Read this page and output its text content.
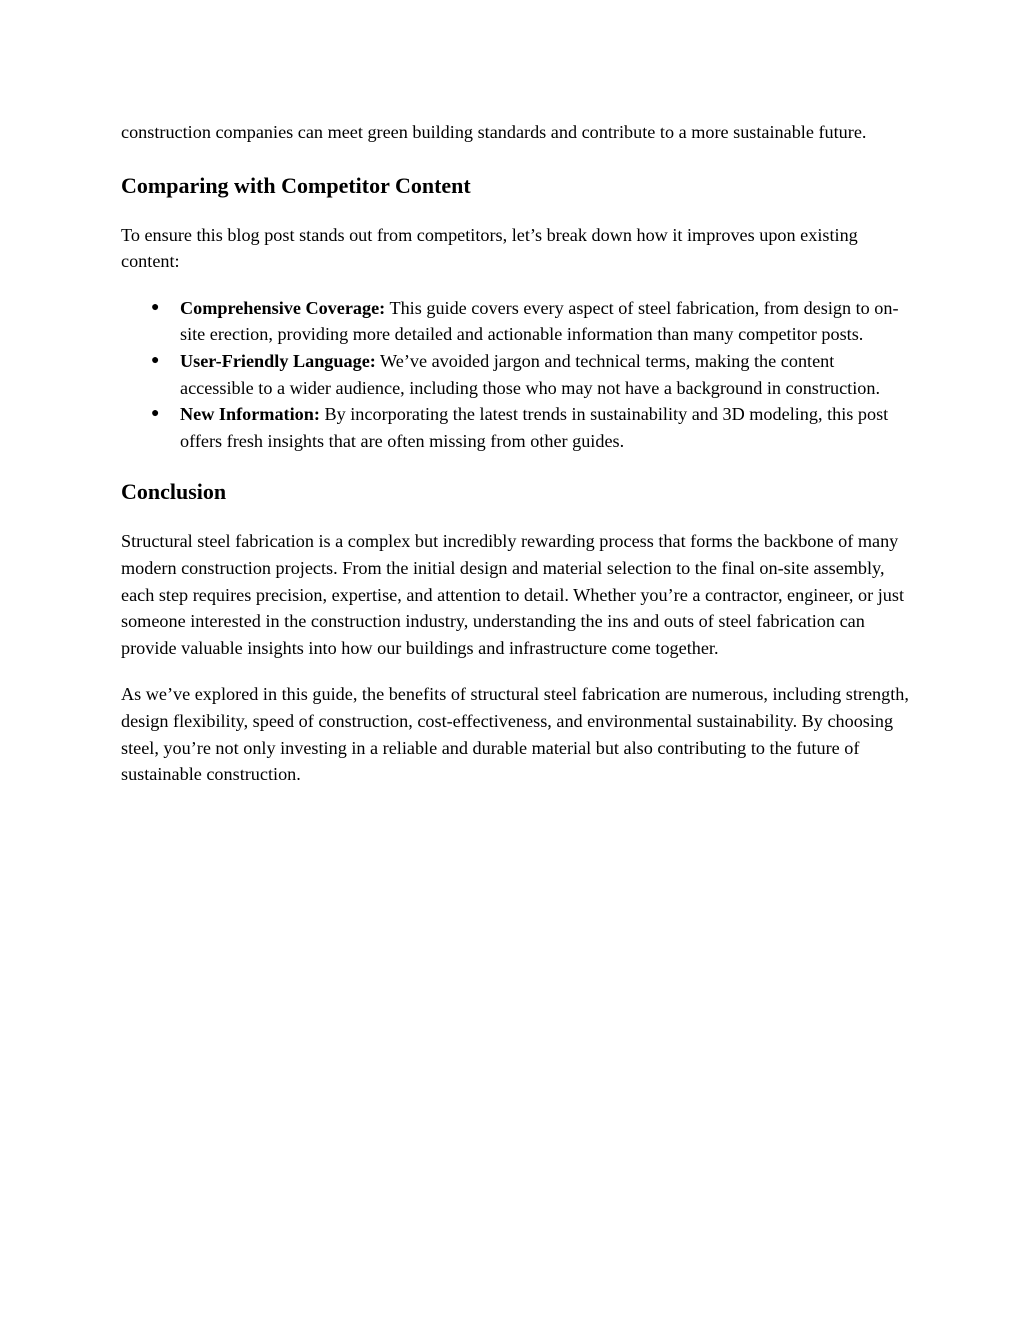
construction companies can meet green building standards and contribute to a more sustainable future.

Comparing with Competitor Content

To ensure this blog post stands out from competitors, let’s break down how it improves upon existing content:

● Comprehensive Coverage: This guide covers every aspect of steel fabrication, from design to on-site erection, providing more detailed and actionable information than many competitor posts.
● User-Friendly Language: We’ve avoided jargon and technical terms, making the content accessible to a wider audience, including those who may not have a background in construction.
● New Information: By incorporating the latest trends in sustainability and 3D modeling, this post offers fresh insights that are often missing from other guides.
Conclusion

Structural steel fabrication is a complex but incredibly rewarding process that forms the backbone of many modern construction projects. From the initial design and material selection to the final on-site assembly, each step requires precision, expertise, and attention to detail. Whether you’re a contractor, engineer, or just someone interested in the construction industry, understanding the ins and outs of steel fabrication can provide valuable insights into how our buildings and infrastructure come together.

As we’ve explored in this guide, the benefits of structural steel fabrication are numerous, including strength, design flexibility, speed of construction, cost-effectiveness, and environmental sustainability. By choosing steel, you’re not only investing in a reliable and durable material but also contributing to the future of sustainable construction.
